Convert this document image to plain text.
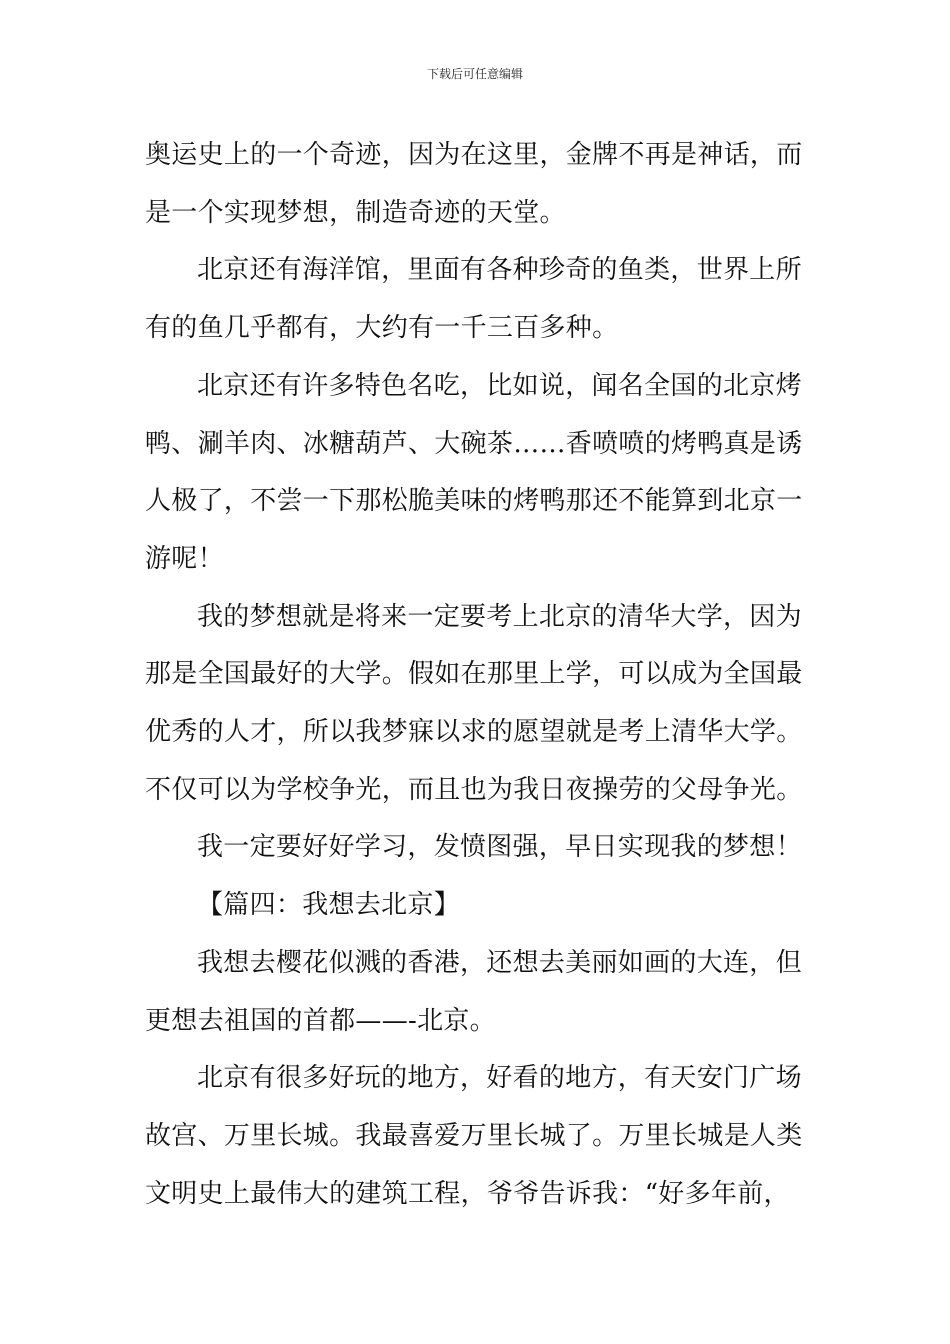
下载后可任意编辑
奥运史上的一个奇迹，因为在这里，金牌不再是神话，而
是一个实现梦想，制造奇迹的天堂。
北京还有海洋馆，里面有各种珍奇的鱼类，世界上所
有的鱼几乎都有，大约有一千三百多种。
北京还有许多特色名吃，比如说，闻名全国的北京烤
鸭、涮羊肉、冰糖葫芦、大碗茶……香喷喷的烤鸭真是诱
人极了，不尝一下那松脆美味的烤鸭那还不能算到北京一
游呢！
我的梦想就是将来一定要考上北京的清华大学，因为
那是全国最好的大学。假如在那里上学，可以成为全国最
优秀的人才，所以我梦寐以求的愿望就是考上清华大学。
不仅可以为学校争光，而且也为我日夜操劳的父母争光。
我一定要好好学习，发愤图强，早日实现我的梦想！
【篇四：我想去北京】
我想去樱花似溅的香港，还想去美丽如画的大连，但
更想去祖国的首都——-北京。
北京有很多好玩的地方，好看的地方，有天安门广场
故宫、万里长城。我最喜爱万里长城了。万里长城是人类
文明史上最伟大的建筑工程，爷爷告诉我：“好多年前，
